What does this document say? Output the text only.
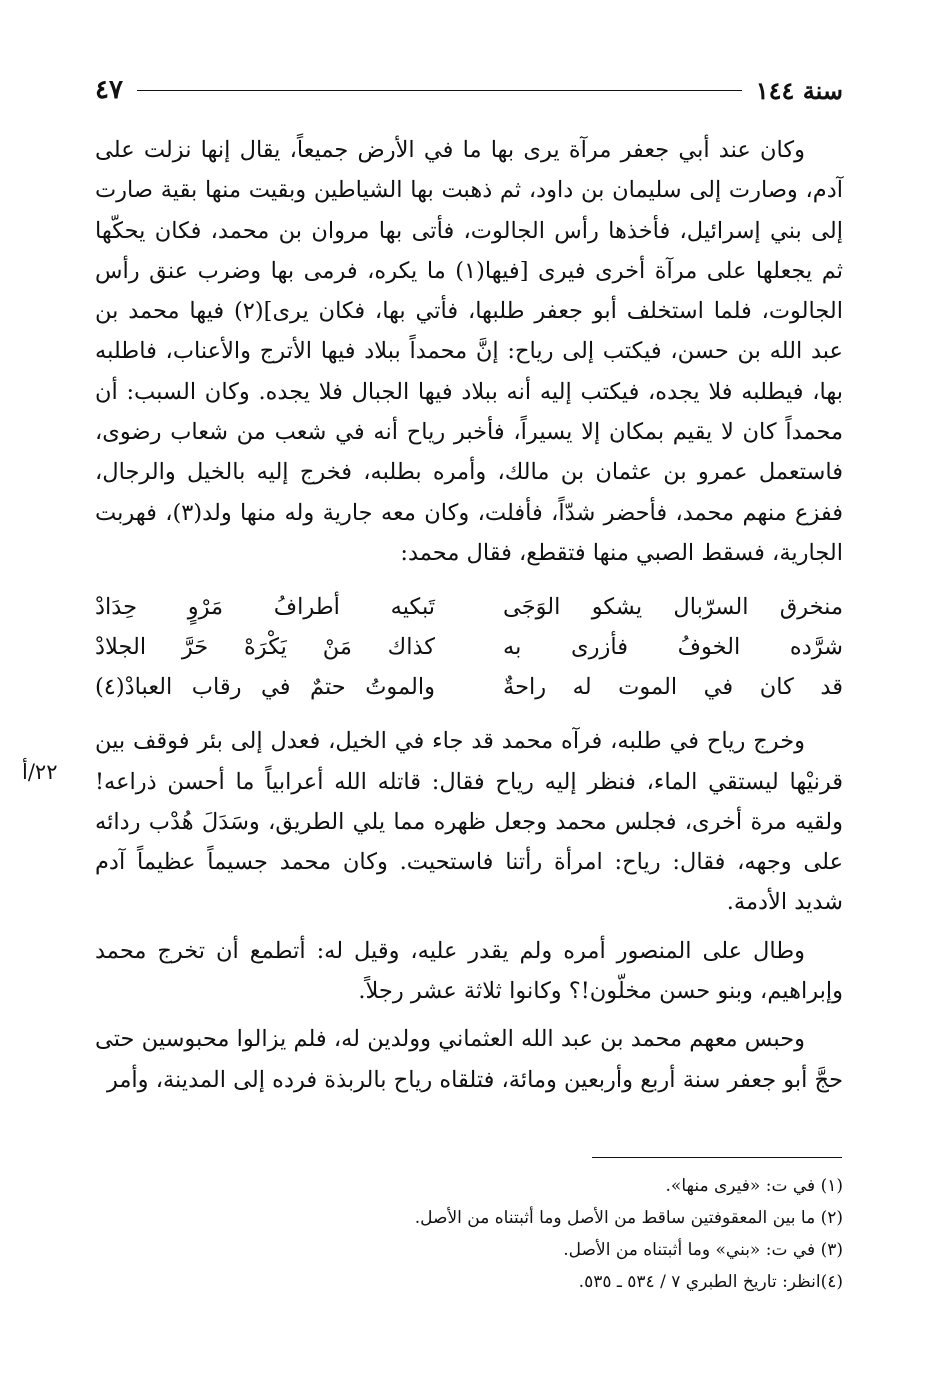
سنة ١٤٤
٤٧

وكان عند أبي جعفر مرآة يرى بها ما في الأرض جميعاً، يقال إنها نزلت على آدم، وصارت إلى سليمان بن داود، ثم ذهبت بها الشياطين وبقيت منها بقية صارت إلى بني إسرائيل، فأخذها رأس الجالوت، فأتى بها مروان بن محمد، فكان يحكّها ثم يجعلها على مرآة أخرى فيرى [فيها(١) ما يكره، فرمى بها وضرب عنق رأس الجالوت، فلما استخلف أبو جعفر طلبها، فأتي بها، فكان يرى](٢) فيها محمد بن عبد الله بن حسن، فيكتب إلى رياح: إنَّ محمداً ببلاد فيها الأترج والأعناب، فاطلبه بها، فيطلبه فلا يجده، فيكتب إليه أنه ببلاد فيها الجبال فلا يجده. وكان السبب: أن محمداً كان لا يقيم بمكان إلا يسيراً، فأخبر رياح أنه في شعب من شعاب رضوى، فاستعمل عمرو بن عثمان بن مالك، وأمره بطلبه، فخرج إليه بالخيل والرجال، ففزع منهم محمد، فأحضر شدّاً، فأفلت، وكان معه جارية وله منها ولد(٣)، فهربت الجارية، فسقط الصبي منها فتقطع، فقال محمد:

منخرق السرّبال يشكو الوَجَى
تَبكيه أطرافُ مَرْوٍ حِدَادْ
شرَّده الخوفُ فأزرى به
كذاك مَنْ يَكْرَهْ حَرَّ الجلادْ
قد كان في الموت له راحةٌ
والموتُ حتمٌ في رقاب العبادْ(٤)

وخرج رياح في طلبه، فرآه محمد قد جاء في الخيل، فعدل إلى بئر فوقف بين قرنيْها ليستقي الماء، فنظر إليه رياح فقال: قاتله الله أعرابياً ما أحسن ذراعه! ولقيه مرة أخرى، فجلس محمد وجعل ظهره مما يلي الطريق، وسَدَلَ هُدْب ردائه على وجهه، فقال: رياح: امرأة رأتنا فاستحيت. وكان محمد جسيماً عظيماً آدم شديد الأدمة.

وطال على المنصور أمره ولم يقدر عليه، وقيل له: أتطمع أن تخرج محمد وإبراهيم، وبنو حسن مخلّون!؟ وكانوا ثلاثة عشر رجلاً.

وحبس معهم محمد بن عبد الله العثماني وولدين له، فلم يزالوا محبوسين حتى حجَّ أبو جعفر سنة أربع وأربعين ومائة، فتلقاه رياح بالربذة فرده إلى المدينة، وأمر

٢٢/أ

(١) في ت: «فيرى منها».

(٢) ما بين المعقوفتين ساقط من الأصل وما أثبتناه من الأصل.

(٣) في ت: «بني» وما أثبتناه من الأصل.

(٤)انظر: تاريخ الطبري ٧ / ٥٣٤ ـ ٥٣٥.
